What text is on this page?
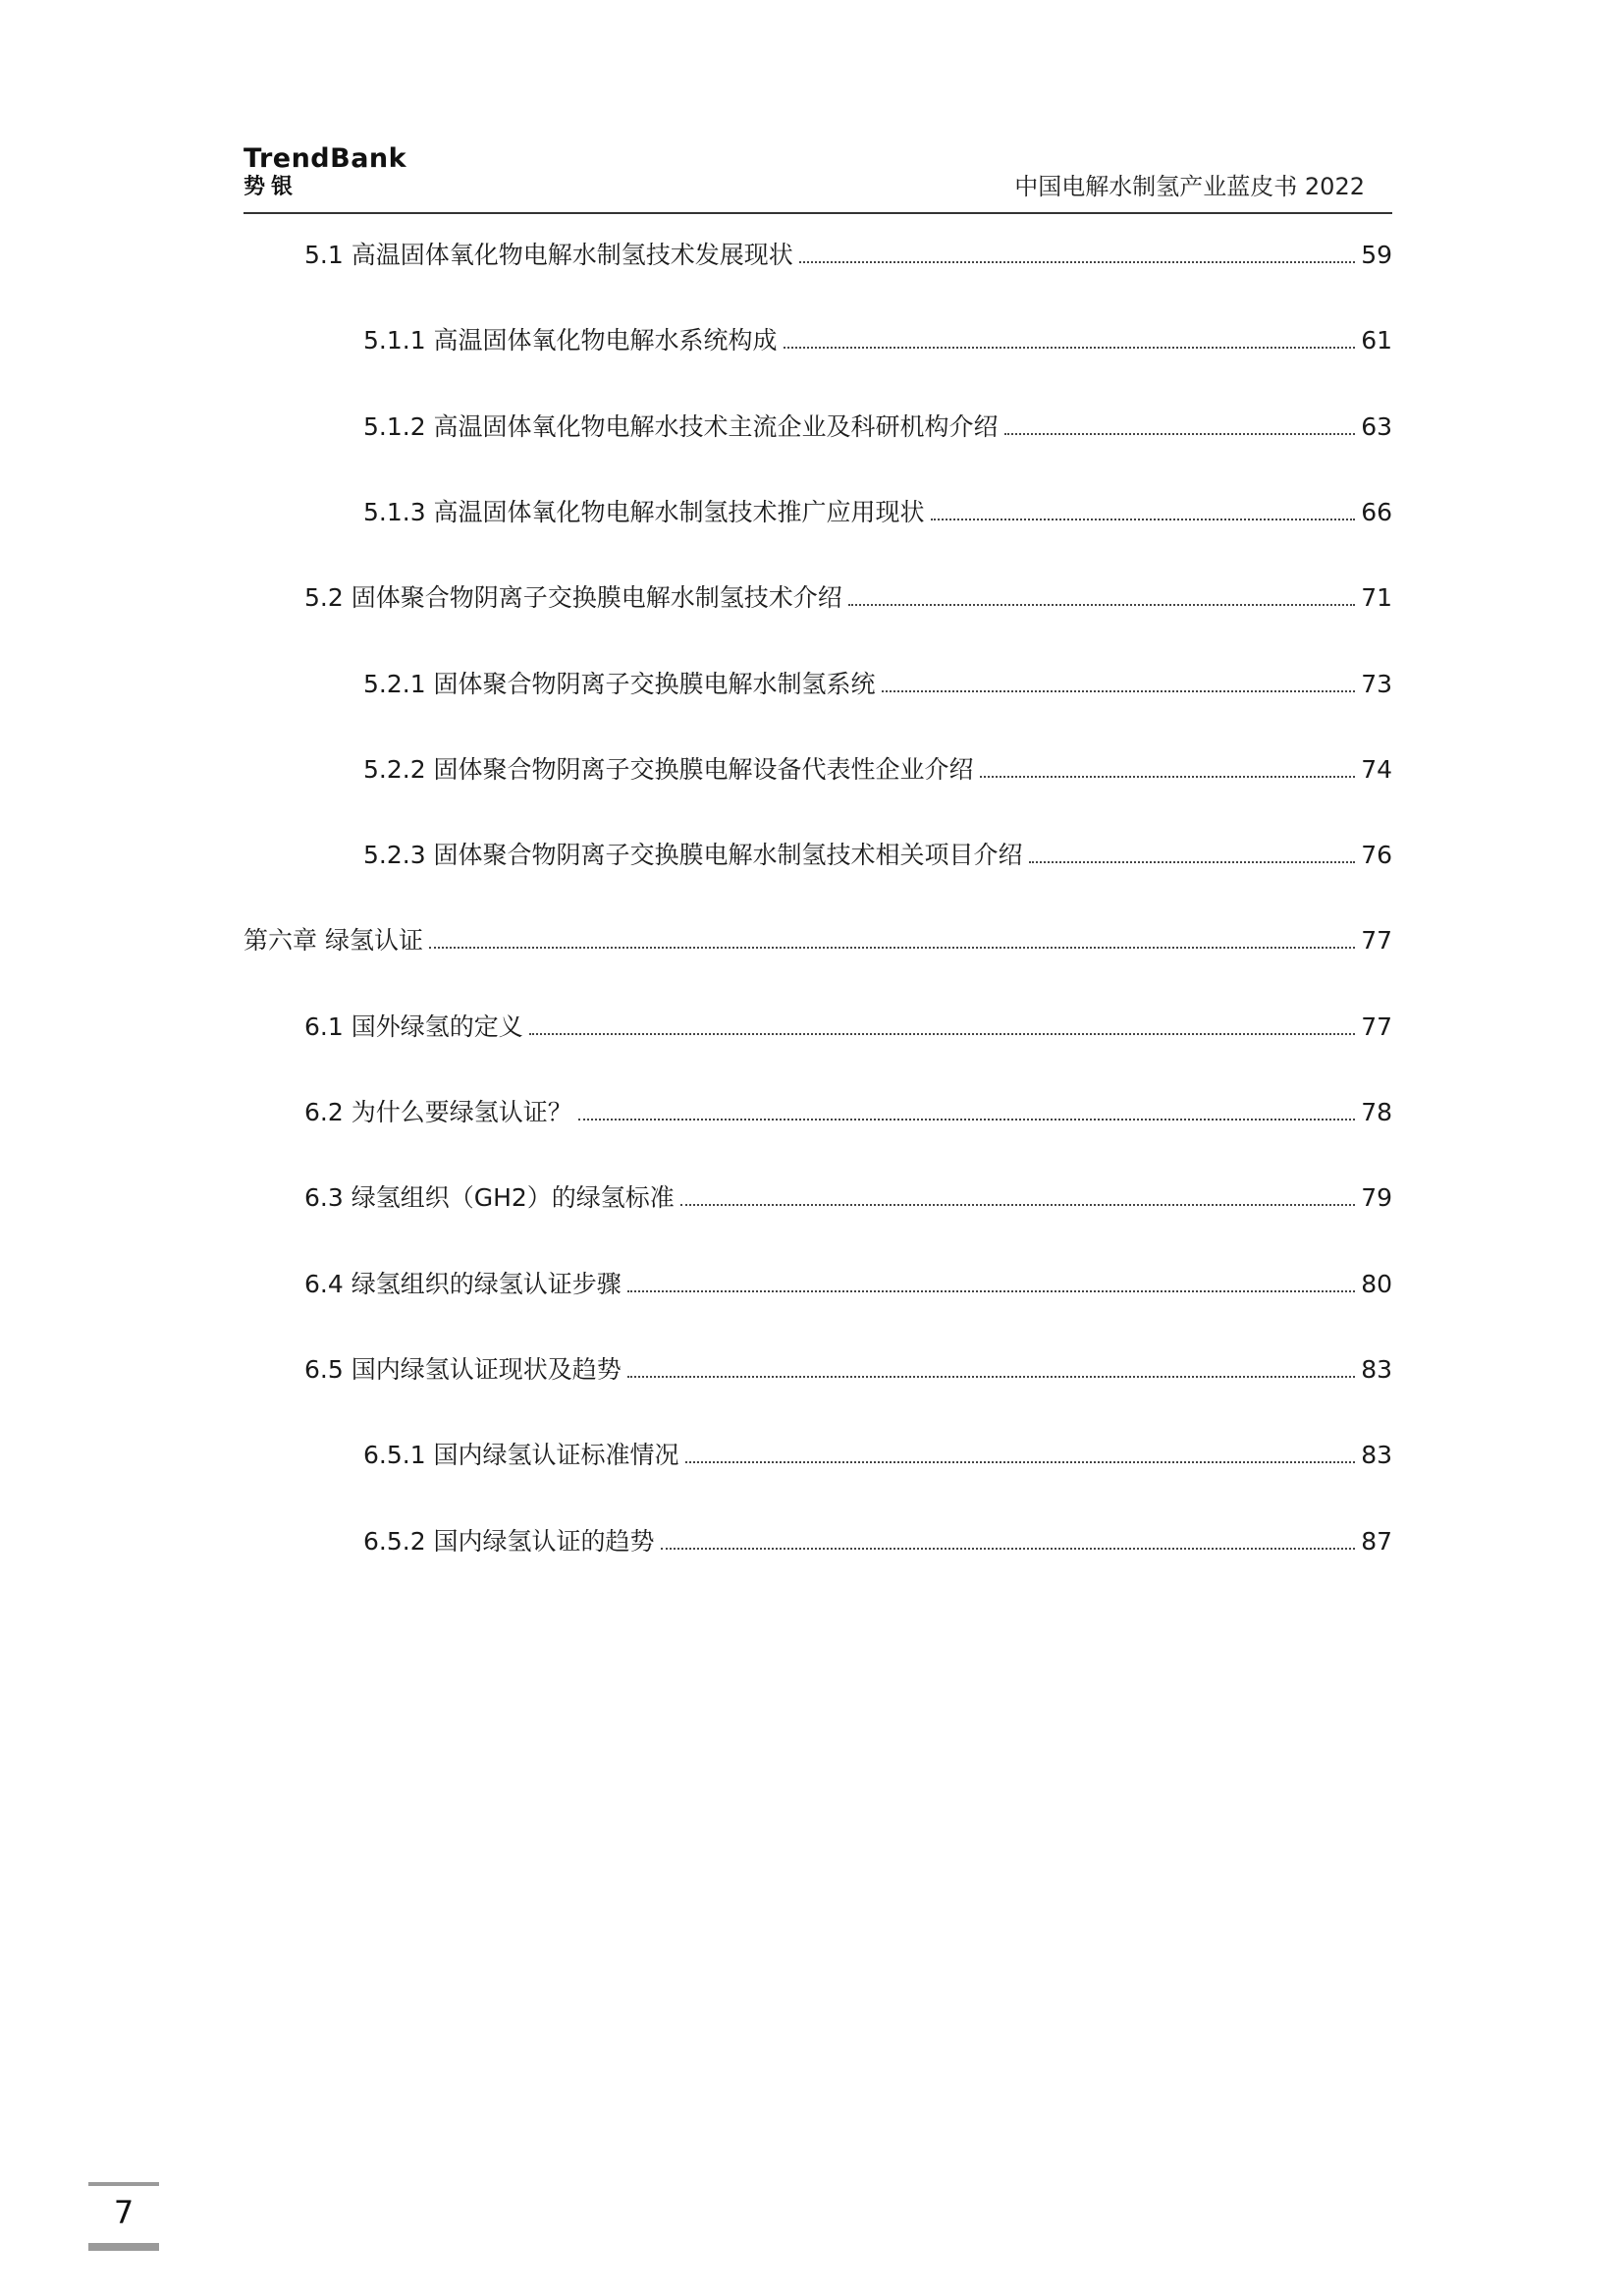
TrendBank
势银	中国电解水制氢产业蓝皮书 2022
5.1 高温固体氧化物电解水制氢技术发展现状	59
5.1.1 高温固体氧化物电解水系统构成	61
5.1.2 高温固体氧化物电解水技术主流企业及科研机构介绍	63
5.1.3 高温固体氧化物电解水制氢技术推广应用现状	66
5.2 固体聚合物阴离子交换膜电解水制氢技术介绍	71
5.2.1 固体聚合物阴离子交换膜电解水制氢系统	73
5.2.2 固体聚合物阴离子交换膜电解设备代表性企业介绍	74
5.2.3 固体聚合物阴离子交换膜电解水制氢技术相关项目介绍	76
第六章 绿氢认证	77
6.1 国外绿氢的定义	77
6.2 为什么要绿氢认证？	78
6.3 绿氢组织（GH2）的绿氢标准	79
6.4 绿氢组织的绿氢认证步骤	80
6.5 国内绿氢认证现状及趋势	83
6.5.1 国内绿氢认证标准情况	83
6.5.2 国内绿氢认证的趋势	87
7
